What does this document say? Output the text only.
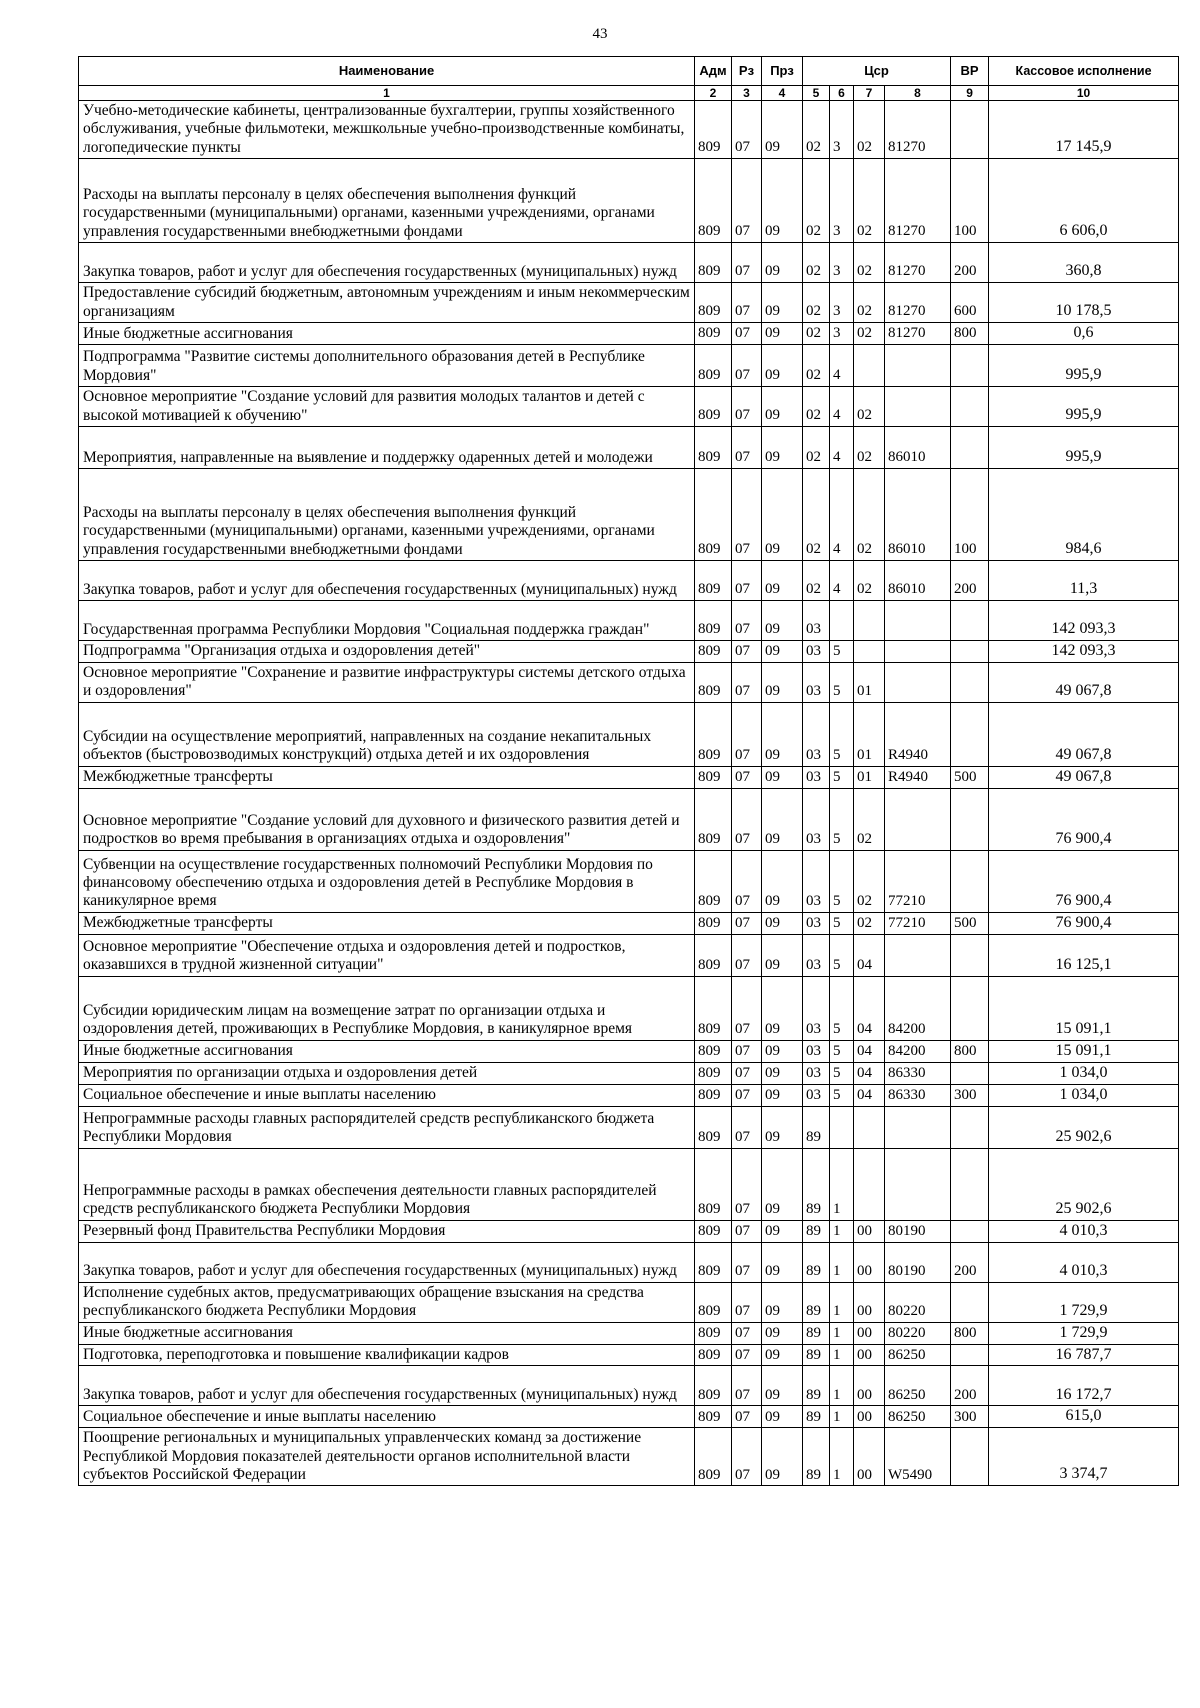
43
Наименование	Адм	Рз	Прз	Цср				ВР	Кассовое исполнение
1	2	3	4	5	6	7	8	9	10
Учебно-методические кабинеты, централизованные бухгалтерии, группы хозяйственного обслуживания, учебные фильмотеки, межшкольные учебно-производственные комбинаты, логопедические пункты	809	07	09	02	3	02	81270		17 145,9
Расходы на выплаты персоналу в целях обеспечения выполнения функций государственными (муниципальными) органами, казенными учреждениями, органами управления государственными внебюджетными фондами	809	07	09	02	3	02	81270	100	6 606,0
Закупка товаров, работ и услуг для обеспечения государственных (муниципальных) нужд	809	07	09	02	3	02	81270	200	360,8
Предоставление субсидий бюджетным, автономным учреждениям и иным некоммерческим организациям	809	07	09	02	3	02	81270	600	10 178,5
Иные бюджетные ассигнования	809	07	09	02	3	02	81270	800	0,6
Подпрограмма "Развитие системы дополнительного образования детей в Республике Мордовия"	809	07	09	02	4				995,9
Основное мероприятие "Создание условий для развития молодых талантов и детей с высокой мотивацией к обучению"	809	07	09	02	4	02			995,9
Мероприятия, направленные на выявление и поддержку одаренных детей и молодежи	809	07	09	02	4	02	86010		995,9
Расходы на выплаты персоналу в целях обеспечения выполнения функций государственными (муниципальными) органами, казенными учреждениями, органами управления государственными внебюджетными фондами	809	07	09	02	4	02	86010	100	984,6
Закупка товаров, работ и услуг для обеспечения государственных (муниципальных) нужд	809	07	09	02	4	02	86010	200	11,3
Государственная программа Республики Мордовия "Социальная поддержка граждан"	809	07	09	03					142 093,3
Подпрограмма "Организация отдыха и оздоровления детей"	809	07	09	03	5				142 093,3
Основное мероприятие "Сохранение и развитие инфраструктуры системы детского отдыха и оздоровления"	809	07	09	03	5	01			49 067,8
Субсидии на осуществление мероприятий, направленных на создание некапитальных объектов (быстровозводимых конструкций) отдыха детей и их оздоровления	809	07	09	03	5	01	R4940		49 067,8
Межбюджетные трансферты	809	07	09	03	5	01	R4940	500	49 067,8
Основное мероприятие "Создание условий для духовного и физического развития детей и подростков во время пребывания в организациях отдыха и оздоровления"	809	07	09	03	5	02			76 900,4
Субвенции на осуществление государственных полномочий Республики Мордовия по финансовому обеспечению отдыха и оздоровления детей в Республике Мордовия в каникулярное время	809	07	09	03	5	02	77210		76 900,4
Межбюджетные трансферты	809	07	09	03	5	02	77210	500	76 900,4
Основное мероприятие "Обеспечение отдыха и оздоровления детей и подростков, оказавшихся в трудной жизненной ситуации"	809	07	09	03	5	04			16 125,1
Субсидии юридическим лицам на возмещение затрат по организации отдыха и оздоровления детей, проживающих в Республике Мордовия, в каникулярное время	809	07	09	03	5	04	84200		15 091,1
Иные бюджетные ассигнования	809	07	09	03	5	04	84200	800	15 091,1
Мероприятия по организации отдыха и оздоровления детей	809	07	09	03	5	04	86330		1 034,0
Социальное обеспечение и иные выплаты населению	809	07	09	03	5	04	86330	300	1 034,0
Непрограммные расходы главных распорядителей средств республиканского бюджета Республики Мордовия	809	07	09	89					25 902,6
Непрограммные расходы в рамках обеспечения деятельности главных распорядителей средств республиканского бюджета Республики Мордовия	809	07	09	89	1				25 902,6
Резервный фонд Правительства Республики Мордовия	809	07	09	89	1	00	80190		4 010,3
Закупка товаров, работ и услуг для обеспечения государственных (муниципальных) нужд	809	07	09	89	1	00	80190	200	4 010,3
Исполнение судебных актов, предусматривающих обращение взыскания на средства республиканского бюджета Республики Мордовия	809	07	09	89	1	00	80220		1 729,9
Иные бюджетные ассигнования	809	07	09	89	1	00	80220	800	1 729,9
Подготовка, переподготовка и повышение квалификации кадров	809	07	09	89	1	00	86250		16 787,7
Закупка товаров, работ и услуг для обеспечения государственных (муниципальных) нужд	809	07	09	89	1	00	86250	200	16 172,7
Социальное обеспечение и иные выплаты населению	809	07	09	89	1	00	86250	300	615,0
Поощрение региональных и муниципальных управленческих команд за достижение Республикой Мордовия показателей деятельности органов исполнительной власти субъектов Российской Федерации	809	07	09	89	1	00	W5490		3 374,7
